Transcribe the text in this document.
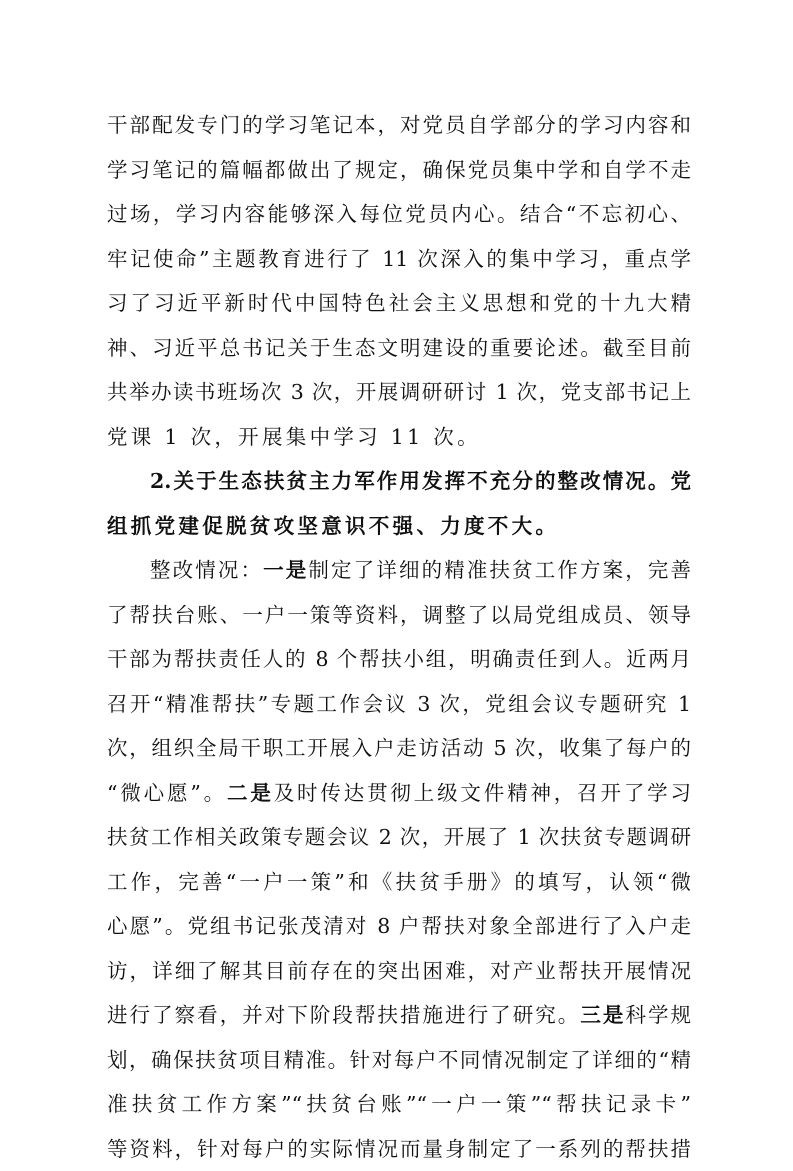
干部配发专门的学习笔记本，对党员自学部分的学习内容和
学习笔记的篇幅都做出了规定，确保党员集中学和自学不走
过场，学习内容能够深入每位党员内心。结合“不忘初心、
牢记使命”主题教育进行了 11 次深入的集中学习，重点学
习了习近平新时代中国特色社会主义思想和党的十九大精
神、习近平总书记关于生态文明建设的重要论述。截至目前
共举办读书班场次 3 次，开展调研研讨 1 次，党支部书记上
党课 1 次，开展集中学习 11 次。
2.关于生态扶贫主力军作用发挥不充分的整改情况。党
组抓党建促脱贫攻坚意识不强、力度不大。
整改情况：一是制定了详细的精准扶贫工作方案，完善
了帮扶台账、一户一策等资料，调整了以局党组成员、领导
干部为帮扶责任人的 8 个帮扶小组，明确责任到人。近两月
召开“精准帮扶”专题工作会议 3 次，党组会议专题研究 1
次，组织全局干职工开展入户走访活动 5 次，收集了每户的
“微心愿”。二是及时传达贯彻上级文件精神，召开了学习
扶贫工作相关政策专题会议 2 次，开展了 1 次扶贫专题调研
工作，完善“一户一策”和《扶贫手册》的填写，认领“微
心愿”。党组书记张茂清对 8 户帮扶对象全部进行了入户走
访，详细了解其目前存在的突出困难，对产业帮扶开展情况
进行了察看，并对下阶段帮扶措施进行了研究。三是科学规
划，确保扶贫项目精准。针对每户不同情况制定了详细的“精
准扶贫工作方案”“扶贫台账”“一户一策”“帮扶记录卡”
等资料，针对每户的实际情况而量身制定了一系列的帮扶措
